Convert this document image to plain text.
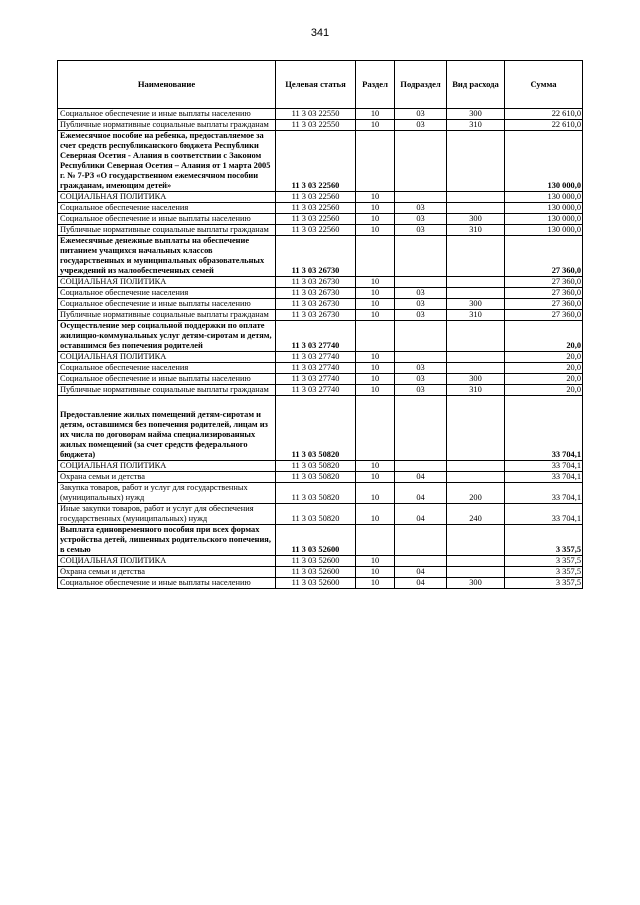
341
Наименование	Целевая статья	Раздел	Подраздел	Вид расхода	Сумма
Социальное обеспечение и иные выплаты населению	11 3 03 22550	10	03	300	22 610,0
Публичные нормативные социальные выплаты гражданам	11 3 03 22550	10	03	310	22 610,0
Ежемесячное пособие на ребенка, предоставляемое за счет средств республиканского бюджета Республики Северная Осетия - Алания в соответствии с Законом Республики Северная Осетия – Алания от 1 марта 2005 г. № 7-РЗ «О государственном ежемесячном пособии гражданам, имеющим детей»	11 3 03 22560				130 000,0
СОЦИАЛЬНАЯ ПОЛИТИКА	11 3 03 22560	10			130 000,0
Социальное обеспечение населения	11 3 03 22560	10	03		130 000,0
Социальное обеспечение и иные выплаты населению	11 3 03 22560	10	03	300	130 000,0
Публичные нормативные социальные выплаты гражданам	11 3 03 22560	10	03	310	130 000,0
Ежемесячные денежные выплаты на обеспечение питанием учащихся начальных классов государственных и муниципальных образовательных учреждений из малообеспеченных семей	11 3 03 26730				27 360,0
СОЦИАЛЬНАЯ ПОЛИТИКА	11 3 03 26730	10			27 360,0
Социальное обеспечение населения	11 3 03 26730	10	03		27 360,0
Социальное обеспечение и иные выплаты населению	11 3 03 26730	10	03	300	27 360,0
Публичные нормативные социальные выплаты гражданам	11 3 03 26730	10	03	310	27 360,0
Осуществление мер социальной поддержки по оплате жилищно-коммунальных услуг детям-сиротам и детям, оставшимся без попечения родителей	11 3 03 27740				20,0
СОЦИАЛЬНАЯ ПОЛИТИКА	11 3 03 27740	10			20,0
Социальное обеспечение населения	11 3 03 27740	10	03		20,0
Социальное обеспечение и иные выплаты населению	11 3 03 27740	10	03	300	20,0
Публичные нормативные социальные выплаты гражданам	11 3 03 27740	10	03	310	20,0

Предоставление жилых помещений детям-сиротам и детям, оставшимся без попечения родителей, лицам из их числа по договорам найма специализированных жилых помещений (за счет средств федерального бюджета)	11 3 03 50820				33 704,1
СОЦИАЛЬНАЯ ПОЛИТИКА	11 3 03 50820	10			33 704,1
Охрана семьи и детства	11 3 03 50820	10	04		33 704,1
Закупка товаров, работ и услуг для государственных (муниципальных) нужд	11 3 03 50820	10	04	200	33 704,1
Иные закупки товаров, работ и услуг для обеспечения государственных (муниципальных) нужд	11 3 03 50820	10	04	240	33 704,1
Выплата единовременного пособия при всех формах устройства детей, лишенных родительского попечения, в семью	11 3 03 52600				3 357,5
СОЦИАЛЬНАЯ ПОЛИТИКА	11 3 03 52600	10			3 357,5
Охрана семьи и детства	11 3 03 52600	10	04		3 357,5
Социальное обеспечение и иные выплаты населению	11 3 03 52600	10	04	300	3 357,5
